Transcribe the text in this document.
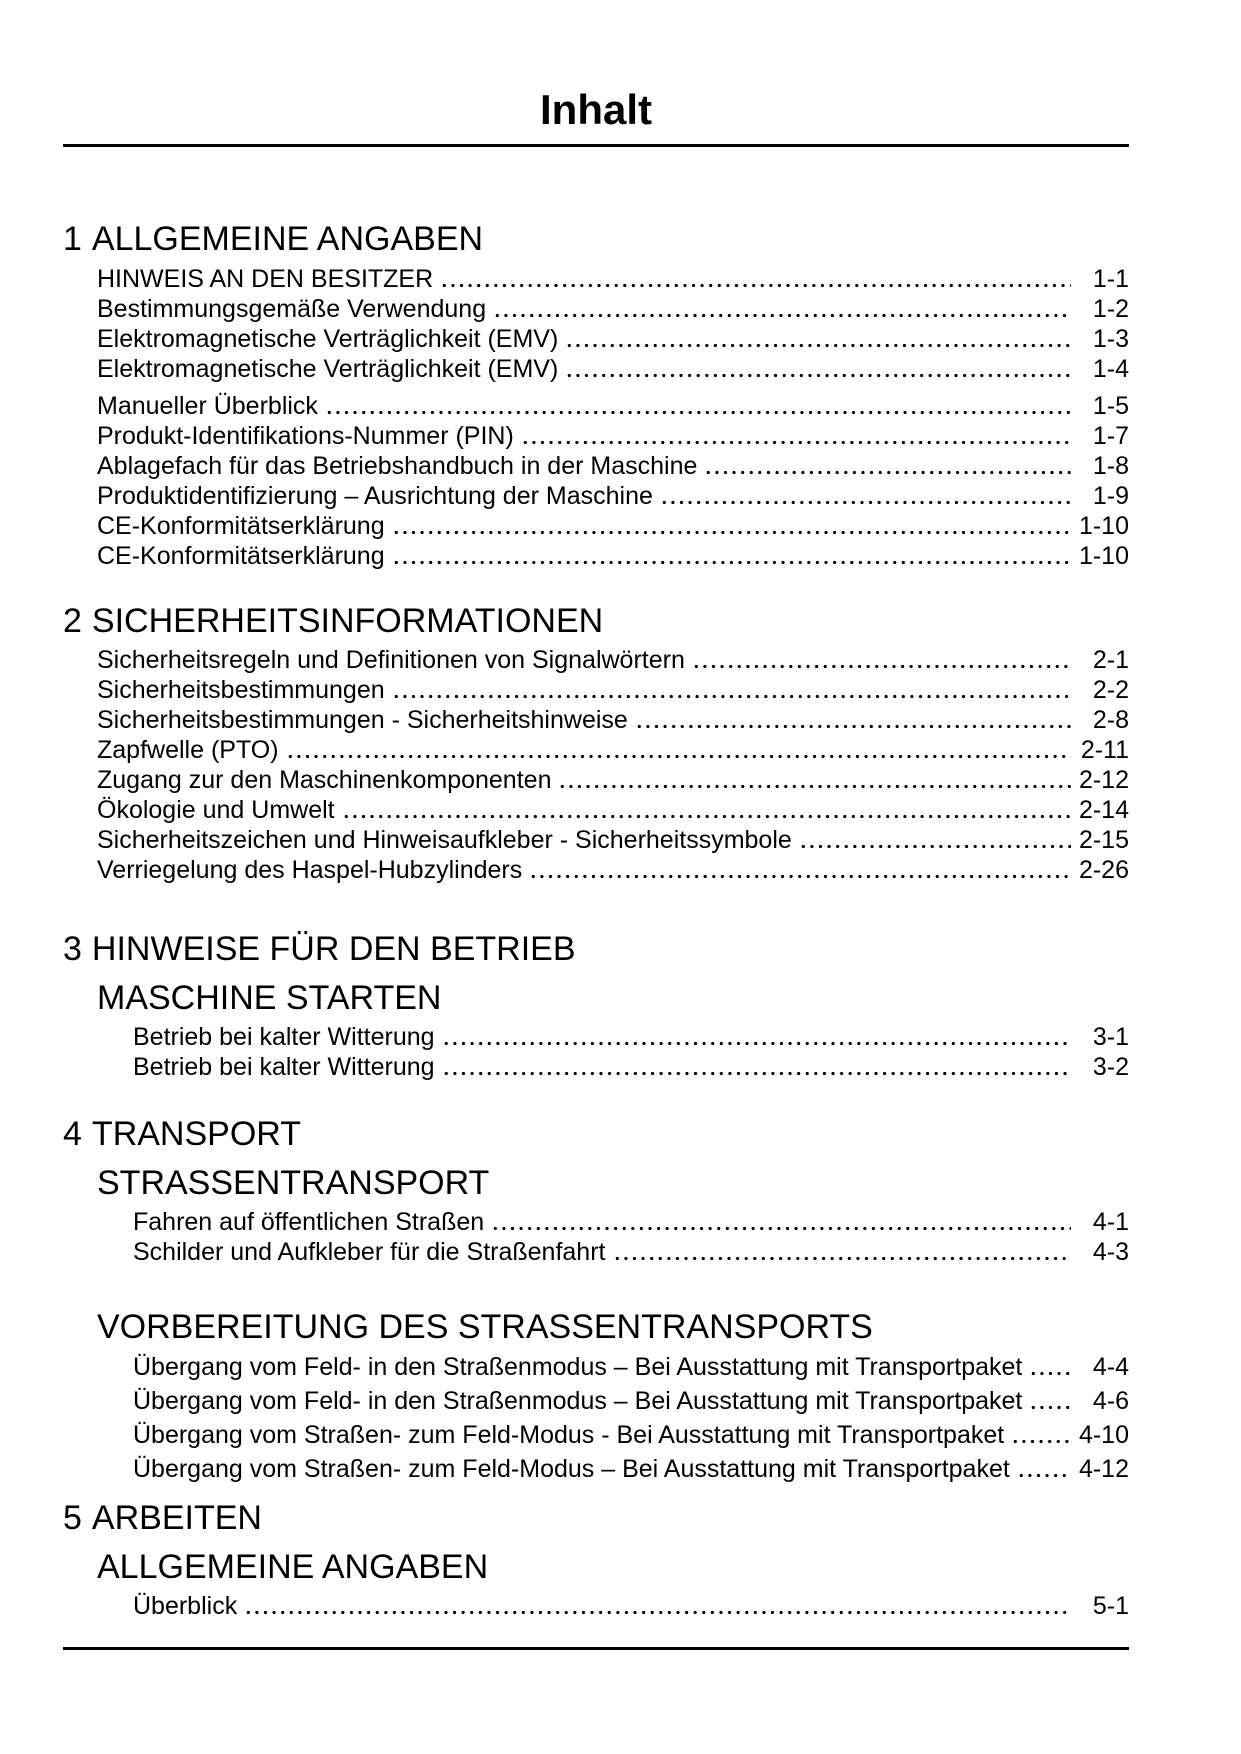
Inhalt
1 ALLGEMEINE ANGABEN
HINWEIS AN DEN BESITZER	1-1
Bestimmungsgemäße Verwendung	1-2
Elektromagnetische Verträglichkeit (EMV)	1-3
Elektromagnetische Verträglichkeit (EMV)	1-4
Manueller Überblick	1-5
Produkt-Identifikations-Nummer (PIN)	1-7
Ablagefach für das Betriebshandbuch in der Maschine	1-8
Produktidentifizierung – Ausrichtung der Maschine	1-9
CE-Konformitätserklärung	1-10
CE-Konformitätserklärung	1-10
2 SICHERHEITSINFORMATIONEN
Sicherheitsregeln und Definitionen von Signalwörtern	2-1
Sicherheitsbestimmungen	2-2
Sicherheitsbestimmungen - Sicherheitshinweise	2-8
Zapfwelle (PTO)	2-11
Zugang zur den Maschinenkomponenten	2-12
Ökologie und Umwelt	2-14
Sicherheitszeichen und Hinweisaufkleber - Sicherheitssymbole	2-15
Verriegelung des Haspel-Hubzylinders	2-26
3 HINWEISE FÜR DEN BETRIEB
MASCHINE STARTEN
Betrieb bei kalter Witterung	3-1
Betrieb bei kalter Witterung	3-2
4 TRANSPORT
STRASSENTRANSPORT
Fahren auf öffentlichen Straßen	4-1
Schilder und Aufkleber für die Straßenfahrt	4-3
VORBEREITUNG DES STRASSENTRANSPORTS
Übergang vom Feld- in den Straßenmodus – Bei Ausstattung mit Transportpaket	4-4
Übergang vom Feld- in den Straßenmodus – Bei Ausstattung mit Transportpaket	4-6
Übergang vom Straßen- zum Feld-Modus - Bei Ausstattung mit Transportpaket	4-10
Übergang vom Straßen- zum Feld-Modus – Bei Ausstattung mit Transportpaket	4-12
5 ARBEITEN
ALLGEMEINE ANGABEN
Überblick	5-1
